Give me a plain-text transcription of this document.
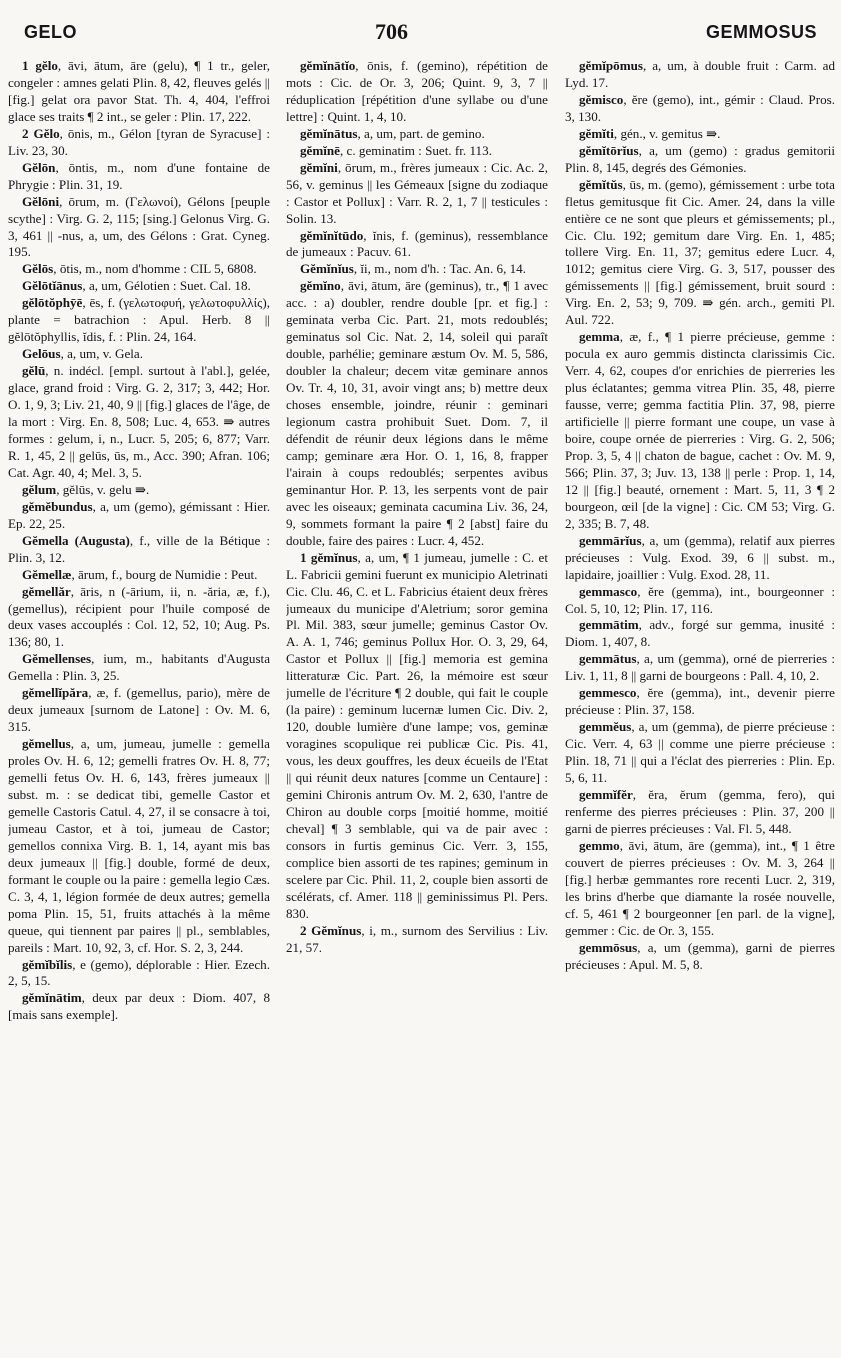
GELO	706	GEMMOSUS

1 gĕlo, āvi, ātum, āre (gelu), ¶ 1 tr., geler, congeler : amnes gelati Plin. 8, 42, fleuves gelés || [fig.] gelat ora pavor Stat. Th. 4, 404, l'effroi glace ses traits ¶ 2 int., se geler : Plin. 17, 222.

2 Gĕlo, ōnis, m., Gélon [tyran de Syracuse] : Liv. 23, 30.

Gĕlōn, ōntis, m., nom d'une fontaine de Phrygie : Plin. 31, 19.

Gĕlōni, ōrum, m. (Γελωνοί), Gélons [peuple scythe] : Virg. G. 2, 115; [sing.] Gelonus Virg. G. 3, 461 || -nus, a, um, des Gélons : Grat. Cyneg. 195.

Gĕlōs, ōtis, m., nom d'homme : CIL 5, 6808.

Gĕlōtĭānus, a, um, Gélotien : Suet. Cal. 18.

gĕlōtŏphȳē, ēs, f. (γελωτοφυή, γελωτοφυλλίς), plante = batrachion : Apul. Herb. 8 || gĕlōtŏphyllis, ĭdis, f. : Plin. 24, 164.

Gelōus, a, um, v. Gela.

gĕlū, n. indécl. [empl. surtout à l'abl.], gelée, glace, grand froid : Virg. G. 2, 317; 3, 442; Hor. O. 1, 9, 3; Liv. 21, 40, 9 || [fig.] glaces de l'âge, de la mort : Virg. En. 8, 508; Luc. 4, 653. ⇛ autres formes : gelum, i, n., Lucr. 5, 205; 6, 877; Varr. R. 1, 45, 2 || gelūs, ūs, m., Acc. 390; Afran. 106; Cat. Agr. 40, 4; Mel. 3, 5.

gĕlum, gĕlūs, v. gelu ⇛.

gĕmĕbundus, a, um (gemo), gémissant : Hier. Ep. 22, 25.

Gĕmella (Augusta), f., ville de la Bétique : Plin. 3, 12.

Gĕmellæ, ārum, f., bourg de Numidie : Peut.

gĕmellăr, āris, n (-ārium, ii, n. -ăria, æ, f.), (gemellus), récipient pour l'huile composé de deux vases accouplés : Col. 12, 52, 10; Aug. Ps. 136; 80, 1.

Gĕmellenses, ium, m., habitants d'Augusta Gemella : Plin. 3, 25.

gĕmellĭpăra, æ, f. (gemellus, pario), mère de deux jumeaux [surnom de Latone] : Ov. M. 6, 315.

gĕmellus, a, um, jumeau, jumelle : gemella proles Ov. H. 6, 12; gemelli fratres Ov. H. 8, 77; gemelli fetus Ov. H. 6, 143, frères jumeaux || subst. m. : se dedicat tibi, gemelle Castor et gemelle Castoris Catul. 4, 27, il se consacre à toi, jumeau Castor, et à toi, jumeau de Castor; gemellos connixa Virg. B. 1, 14, ayant mis bas deux jumeaux || [fig.] double, formé de deux, formant le couple ou la paire : gemella legio Cæs. C. 3, 4, 1, légion formée de deux autres; gemella poma Plin. 15, 51, fruits attachés à la même queue, qui tiennent par paires || pl., semblables, pareils : Mart. 10, 92, 3, cf. Hor. S. 2, 3, 244.

gĕmĭbĭlis, e (gemo), déplorable : Hier. Ezech. 2, 5, 15.

gĕmĭnātim, deux par deux : Diom. 407, 8 [mais sans exemple].

gĕmĭnātĭo, ōnis, f. (gemino), répétition de mots : Cic. de Or. 3, 206; Quint. 9, 3, 7 || réduplication [répétition d'une syllabe ou d'une lettre] : Quint. 1, 4, 10.

gĕmĭnātus, a, um, part. de gemino.

gĕmĭnē, c. geminatim : Suet. fr. 113.

gĕmĭni, ōrum, m., frères jumeaux : Cic. Ac. 2, 56, v. geminus || les Gémeaux [signe du zodiaque : Castor et Pollux] : Varr. R. 2, 1, 7 || testicules : Solin. 13.

gĕmĭnĭtūdo, ĭnis, f. (geminus), ressemblance de jumeaux : Pacuv. 61.

Gĕmĭnĭus, ĭi, m., nom d'h. : Tac. An. 6, 14.

gĕmĭno, āvi, ātum, āre (geminus), tr., ¶ 1 avec acc. : a) doubler, rendre double [pr. et fig.] : geminata verba Cic. Part. 21, mots redoublés; geminatus sol Cic. Nat. 2, 14, soleil qui paraît double, parhélie; geminare æstum Ov. M. 5, 586, doubler la chaleur; decem vitæ geminare annos Ov. Tr. 4, 10, 31, avoir vingt ans; b) mettre deux choses ensemble, joindre, réunir : geminari legionum castra prohibuit Suet. Dom. 7, il défendit de réunir deux légions dans le même camp; geminare æra Hor. O. 1, 16, 8, frapper l'airain à coups redoublés; serpentes avibus geminantur Hor. P. 13, les serpents vont de pair avec les oiseaux; geminata cacumina Liv. 36, 24, 9, sommets formant la paire ¶ 2 [abst] faire du double, faire des paires : Lucr. 4, 452.

1 gĕmĭnus, a, um, ¶ 1 jumeau, jumelle : C. et L. Fabricii gemini fuerunt ex municipio Aletrinati Cic. Clu. 46, C. et L. Fabricius étaient deux frères jumeaux du municipe d'Aletrium; soror gemina Pl. Mil. 383, sœur jumelle; geminus Castor Ov. A. A. 1, 746; geminus Pollux Hor. O. 3, 29, 64, Castor et Pollux || [fig.] memoria est gemina litteraturæ Cic. Part. 26, la mémoire est sœur jumelle de l'écriture ¶ 2 double, qui fait le couple (la paire) : geminum lucernæ lumen Cic. Div. 2, 120, double lumière d'une lampe; vos, geminæ voragines scopulique rei publicæ Cic. Pis. 41, vous, les deux gouffres, les deux écueils de l'Etat || qui réunit deux natures [comme un Centaure] : gemini Chironis antrum Ov. M. 2, 630, l'antre de Chiron au double corps [moitié homme, moitié cheval] ¶ 3 semblable, qui va de pair avec : consors in furtis geminus Cic. Verr. 3, 155, complice bien assorti de tes rapines; geminum in scelere par Cic. Phil. 11, 2, couple bien assorti de scélérats, cf. Amer. 118 || geminissimus Pl. Pers. 830.

2 Gĕmĭnus, i, m., surnom des Servilius : Liv. 21, 57.

gĕmĭpōmus, a, um, à double fruit : Carm. ad Lyd. 17.

gĕmisco, ĕre (gemo), int., gémir : Claud. Pros. 3, 130.

gĕmĭti, gén., v. gemitus ⇛.

gĕmĭtōrĭus, a, um (gemo) : gradus gemitorii Plin. 8, 145, degrés des Gémonies.

gĕmĭtŭs, ūs, m. (gemo), gémissement : urbe tota fletus gemitusque fit Cic. Amer. 24, dans la ville entière ce ne sont que pleurs et gémissements; pl., Cic. Clu. 192; gemitum dare Virg. En. 1, 485; tollere Virg. En. 11, 37; gemitus edere Lucr. 4, 1012; gemitus ciere Virg. G. 3, 517, pousser des gémissements || [fig.] gémissement, bruit sourd : Virg. En. 2, 53; 9, 709. ⇛ gén. arch., gemiti Pl. Aul. 722.

gemma, æ, f., ¶ 1 pierre précieuse, gemme : pocula ex auro gemmis distincta clarissimis Cic. Verr. 4, 62, coupes d'or enrichies de pierreries les plus éclatantes; gemma vitrea Plin. 35, 48, pierre fausse, verre; gemma factitia Plin. 37, 98, pierre artificielle || pierre formant une coupe, un vase à boire, coupe ornée de pierreries : Virg. G. 2, 506; Prop. 3, 5, 4 || chaton de bague, cachet : Ov. M. 9, 566; Plin. 37, 3; Juv. 13, 138 || perle : Prop. 1, 14, 12 || [fig.] beauté, ornement : Mart. 5, 11, 3 ¶ 2 bourgeon, œil [de la vigne] : Cic. CM 53; Virg. G. 2, 335; B. 7, 48.

gemmārĭus, a, um (gemma), relatif aux pierres précieuses : Vulg. Exod. 39, 6 || subst. m., lapidaire, joaillier : Vulg. Exod. 28, 11.

gemmasco, ĕre (gemma), int., bourgeonner : Col. 5, 10, 12; Plin. 17, 116.

gemmātim, adv., forgé sur gemma, inusité : Diom. 1, 407, 8.

gemmātus, a, um (gemma), orné de pierreries : Liv. 1, 11, 8 || garni de bourgeons : Pall. 4, 10, 2.

gemmesco, ĕre (gemma), int., devenir pierre précieuse : Plin. 37, 158.

gemmĕus, a, um (gemma), de pierre précieuse : Cic. Verr. 4, 63 || comme une pierre précieuse : Plin. 18, 71 || qui a l'éclat des pierreries : Plin. Ep. 5, 6, 11.

gemmĭfĕr, ĕra, ĕrum (gemma, fero), qui renferme des pierres précieuses : Plin. 37, 200 || garni de pierres précieuses : Val. Fl. 5, 448.

gemmo, āvi, ātum, āre (gemma), int., ¶ 1 être couvert de pierres précieuses : Ov. M. 3, 264 || [fig.] herbæ gemmantes rore recenti Lucr. 2, 319, les brins d'herbe que diamante la rosée nouvelle, cf. 5, 461 ¶ 2 bourgeonner [en parl. de la vigne], gemmer : Cic. de Or. 3, 155.

gemmōsus, a, um (gemma), garni de pierres précieuses : Apul. M. 5, 8.
